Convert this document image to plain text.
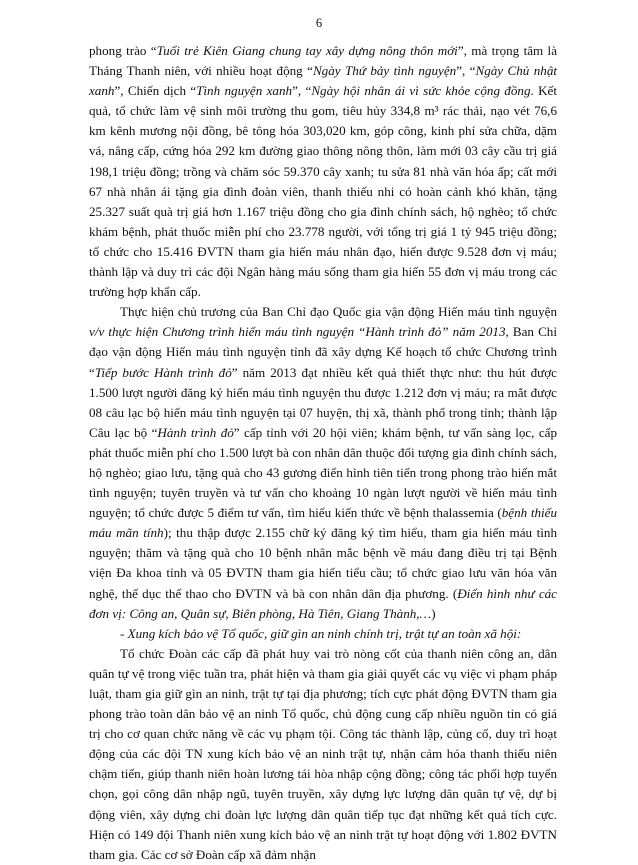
6

phong trào “Tuổi trẻ Kiên Giang chung tay xây dựng nông thôn mới”, mà trọng tâm là Tháng Thanh niên, với nhiều hoạt động “Ngày Thứ bảy tình nguyện”, “Ngày Chủ nhật xanh”, Chiến dịch “Tình nguyện xanh”, “Ngày hội nhân ái vì sức khỏe cộng đồng. Kết quả, tổ chức làm vệ sinh môi trường thu gom, tiêu hủy 334,8 m³ rác thải, nạo vét 76,6 km kênh mương nội đồng, bê tông hóa 303,020 km, góp công, kinh phí sửa chữa, dặm vá, nâng cấp, cứng hóa 292 km đường giao thông nông thôn, làm mới 03 cây cầu trị giá 198,1 triệu đồng; trồng và chăm sóc 59.370 cây xanh; tu sửa 81 nhà văn hóa ấp; cất mới 67 nhà nhân ái tặng gia đình đoàn viên, thanh thiếu nhi có hoàn cảnh khó khăn, tặng 25.327 suất quà trị giá hơn 1.167 triệu đồng cho gia đình chính sách, hộ nghèo; tổ chức khám bệnh, phát thuốc miễn phí cho 23.778 người, với tổng trị giá 1 tỷ 945 triệu đồng; tổ chức cho 15.416 ĐVTN tham gia hiến máu nhân đạo, hiến được 9.528 đơn vị máu; thành lập và duy trì các đội Ngân hàng máu sống tham gia hiến 55 đơn vị máu trong các trường hợp khẩn cấp.

Thực hiện chủ trương của Ban Chỉ đạo Quốc gia vận động Hiến máu tình nguyện v/v thực hiện Chương trình hiến máu tình nguyện “Hành trình đỏ” năm 2013, Ban Chỉ đạo vận động Hiến máu tình nguyện tỉnh đã xây dựng Kế hoạch tổ chức Chương trình “Tiếp bước Hành trình đỏ” năm 2013 đạt nhiều kết quả thiết thực như: thu hút được 1.500 lượt người đăng ký hiến máu tình nguyện thu được 1.212 đơn vị máu; ra mắt được 08 câu lạc bộ hiến máu tình nguyện tại 07 huyện, thị xã, thành phố trong tỉnh; thành lập Câu lạc bộ “Hành trình đỏ” cấp tỉnh với 20 hội viên; khám bệnh, tư vấn sàng lọc, cấp phát thuốc miễn phí cho 1.500 lượt bà con nhân dân thuộc đối tượng gia đình chính sách, hộ nghèo; giao lưu, tặng quà cho 43 gương điển hình tiên tiến trong phong trào hiến mắt tình nguyện; tuyên truyền và tư vấn cho khoảng 10 ngàn lượt người về hiến máu tình nguyện; tổ chức được 5 điểm tư vấn, tìm hiểu kiến thức về bệnh thalassemia (bệnh thiếu máu mãn tính); thu thập được 2.155 chữ ký đăng ký tìm hiểu, tham gia hiến máu tình nguyện; thăm và tặng quà cho 10 bệnh nhân mắc bệnh về máu đang điều trị tại Bệnh viện Đa khoa tỉnh và 05 ĐVTN tham gia hiến tiểu cầu; tổ chức giao lưu văn hóa văn nghệ, thể dục thể thao cho ĐVTN và bà con nhân dân địa phương. (Điển hình như các đơn vị: Công an, Quân sự, Biên phòng, Hà Tiên, Giang Thành,…)

- Xung kích bảo vệ Tổ quốc, giữ gìn an ninh chính trị, trật tự an toàn xã hội:

Tổ chức Đoàn các cấp đã phát huy vai trò nòng cốt của thanh niên công an, dân quân tự vệ trong việc tuần tra, phát hiện và tham gia giải quyết các vụ việc vi phạm pháp luật, tham gia giữ gìn an ninh, trật tự tại địa phương; tích cực phát động ĐVTN tham gia phong trào toàn dân bảo vệ an ninh Tổ quốc, chủ động cung cấp nhiều nguồn tin có giá trị cho cơ quan chức năng về các vụ phạm tội. Công tác thành lập, củng cố, duy trì hoạt động của các đội TN xung kích bảo vệ an ninh trật tự, nhận cảm hóa thanh thiếu niên chậm tiến, giúp thanh niên hoàn lương tái hòa nhập cộng đồng; công tác phối hợp tuyển chọn, gọi công dân nhập ngũ, tuyên truyền, xây dựng lực lượng dân quân tự vệ, dự bị động viên, xây dựng chi đoàn lực lượng dân quân tiếp tục đạt những kết quả tích cực. Hiện có 149 đội Thanh niên xung kích bảo vệ an ninh trật tự hoạt động với 1.802 ĐVTN tham gia. Các cơ sở Đoàn cấp xã đảm nhận
